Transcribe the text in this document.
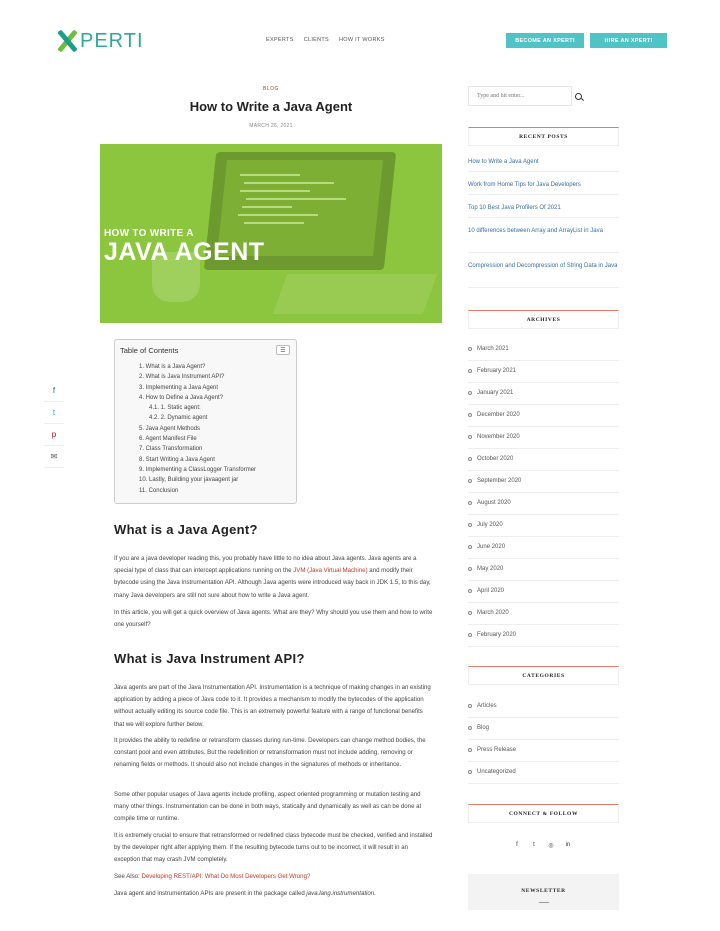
PERTI	EXPERTS CLIENTS HOW IT WORKS	BECOME AN XPERTI	HIRE AN XPERTI
BLOG
How to Write a Java Agent
MARCH 26, 2021
HOW TO WRITE A
JAVA AGENT
Table of Contents	☰
1. What is a Java Agent?
2. What is Java Instrument API?
3. Implementing a Java Agent
4. How to Define a Java Agent?
4.1. 1. Static agent:
4.2. 2. Dynamic agent
5. Java Agent Methods
6. Agent Manifest File
7. Class Transformation
8. Start Writing a Java Agent
9. Implementing a ClassLogger Transformer
10. Lastly, Building your javaagent jar
11. Conclusion
f
t
p
✉
What is a Java Agent?

If you are a java developer reading this, you probably have little to no idea about Java agents. Java agents are a special type of class that can intercept applications running on the JVM (Java Virtual Machine) and modify their bytecode using the Java Instrumentation API. Although Java agents were introduced way back in JDK 1.5, to this day, many Java developers are still not sure about how to write a Java agent.

In this article, you will get a quick overview of Java agents. What are they? Why should you use them and how to write one yourself?

What is Java Instrument API?

Java agents are part of the Java Instrumentation API. Instrumentation is a technique of making changes in an existing application by adding a piece of Java code to it. It provides a mechanism to modify the bytecodes of the application without actually editing its source code file. This is an extremely powerful feature with a range of functional benefits that we will explore further below.

It provides the ability to redefine or retransform classes during run-time. Developers can change method bodies, the constant pool and even attributes. But the redefinition or retransformation must not include adding, removing or renaming fields or methods. It should also not include changes in the signatures of methods or inheritance.

Some other popular usages of Java agents include profiling, aspect oriented programming or mutation testing and many other things. Instrumentation can be done in both ways, statically and dynamically as well as can be done at compile time or runtime.

It is extremely crucial to ensure that retransformed or redefined class bytecode must be checked, verified and installed by the developer right after applying them. If the resulting bytecode turns out to be incorrect, it will result in an exception that may crash JVM completely.

See Also: Developing REST/API: What Do Most Developers Get Wrong?

Java agent and instrumentation APIs are present in the package called java.lang.instrumentation.

Type and hit enter...
RECENT POSTS
How to Write a Java Agent
Work from Home Tips for Java Developers
Top 10 Best Java Profilers Of 2021
10 differences between Array and ArrayList in Java
Compression and Decompression of String Data in Java
ARCHIVES
March 2021
February 2021
January 2021
December 2020
November 2020
October 2020
September 2020
August 2020
July 2020
June 2020
May 2020
April 2020
March 2020
February 2020
CATEGORIES
Articles
Blog
Press Release
Uncategorized
CONNECT & FOLLOW
f	t	◎	in
NEWSLETTER
